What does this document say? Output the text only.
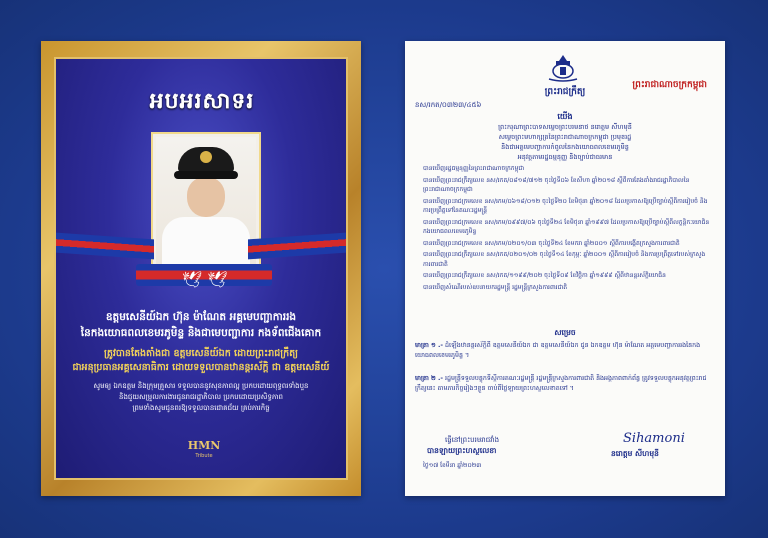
អបអរសាទរ
🕊 🕊
ឧត្តមសេនីយ៍ឯក ហ៊ុន ម៉ាណែត អគ្គមេបញ្ជាការរង
នៃកងយោធពលខេមរភូមិន្ទ និងជាមេបញ្ជាការ កងទ័ពជើងគោក
ត្រូវបានតែងតាំងជា ឧត្តមសេនីយ៍ឯក ដោយព្រះរាជក្រឹត្យ
ជាអនុប្រធានអគ្គសេនាធិការ ដោយទទួលបានឋានន្តរស័ក្តិ ជា ឧត្តមសេនីយ៍
សូមឲ្យ ឯកឧត្តម និងក្រុមគ្រួសារ ទទួលបាននូវសុខភាពល្អ ប្រកបដោយពុទ្ធពរទាំងបួន
និងជួយសម្រួលការងារជូនរាជរដ្ឋាភិបាល ប្រកបដោយប្រសិទ្ធភាព
ព្រមទាំងសូមជូនពរឱ្យទទួលបានជោគជ័យ គ្រប់ភារកិច្ច
HMN
Tribute
ព្រះរាជាណាចក្រកម្ពុជា
ព្រះរាជក្រឹត្យ
នស/រកត/០៣២៣/៤៥៦
យើង
ព្រះករុណាព្រះបាទសម្តេចព្រះបរមនាថ នរោត្តម សីហមុនី
សម្តេចព្រះមហាក្សត្រនៃព្រះរាជាណាចក្រកម្ពុជា ប្រមុខរដ្ឋ
និងជាអគ្គមេបញ្ជាការកំពូលនៃកងយោធពលខេមរភូមិន្ទ
អនុវត្តតាមរដ្ឋធម្មនុញ្ញ និងច្បាប់ជាធរមាន
បានឃើញរដ្ឋធម្មនុញ្ញនៃព្រះរាជាណាចក្រកម្ពុជា
បានឃើញព្រះរាជក្រឹត្យលេខ នស/រកត/០៨១៨/៧១២ ចុះថ្ងៃទី០៦ ខែសីហា ឆ្នាំ២០១៨ ស្តីពីការតែងតាំងរាជរដ្ឋាភិបាលនៃព្រះរាជាណាចក្រកម្ពុជា
បានឃើញព្រះរាជក្រមលេខ នស/រកម/០៦១៨/០១២ ចុះថ្ងៃទី២០ ខែមិថុនា ឆ្នាំ២០១៨ ដែលប្រកាសឱ្យប្រើច្បាប់ស្តីពីការរៀបចំ និងការប្រព្រឹត្តទៅនៃគណៈរដ្ឋមន្ត្រី
បានឃើញព្រះរាជក្រមលេខ នស/រកម/០៩៩៧/០៦ ចុះថ្ងៃទី២៤ ខែមិថុនា ឆ្នាំ១៩៩៧ ដែលប្រកាសឱ្យប្រើច្បាប់ស្តីពីលក្ខន្តិកៈយោធិនកងយោធពលខេមរភូមិន្ទ
បានឃើញព្រះរាជក្រមលេខ នស/រកម/០២០១/០៣ ចុះថ្ងៃទី២៤ ខែមករា ឆ្នាំ២០០១ ស្តីពីការបង្កើតក្រសួងការពារជាតិ
បានឃើញព្រះរាជក្រឹត្យលេខ នស/រកត/០២០១/០២ ចុះថ្ងៃទី១៤ ខែកុម្ភៈ ឆ្នាំ២០០១ ស្តីពីការរៀបចំ និងការប្រព្រឹត្តទៅរបស់ក្រសួងការពារជាតិ
បានឃើញព្រះរាជក្រឹត្យលេខ នស/រកត/១១៩៩/២០២ ចុះថ្ងៃទី០៩ ខែវិច្ឆិកា ឆ្នាំ១៩៩៩ ស្តីពីឋានន្តរស័ក្តិយោធិន
បានឃើញសំណើរបស់ឧបនាយករដ្ឋមន្ត្រី រដ្ឋមន្ត្រីក្រសួងការពារជាតិ
សម្រេច
មាត្រា ១ .- ដំឡើងឋានន្តរស័ក្តិពី ឧត្តមសេនីយ៍ឯក ជា ឧត្តមសេនីយ៍ឯក ជូន ឯកឧត្តម ហ៊ុន ម៉ាណែត អគ្គមេបញ្ជាការរងនៃកងយោធពលខេមរភូមិន្ទ ។
មាត្រា ២ .- រដ្ឋមន្ត្រីទទួលបន្ទុកទីស្តីការគណៈរដ្ឋមន្ត្រី រដ្ឋមន្ត្រីក្រសួងការពារជាតិ និងអង្គភាពពាក់ព័ន្ធ ត្រូវទទួលបន្ទុកអនុវត្តព្រះរាជក្រឹត្យនេះ តាមភារកិច្ចរៀងៗខ្លួន ចាប់ពីថ្ងៃឡាយព្រះហស្ថលេខាតទៅ ។
ធ្វើនៅព្រះបរមរាជវាំង
បានឡាយព្រះហស្ថលេខា
ថ្ងៃ១៧ ខែមីនា ឆ្នាំ២០២៣
Sihamoni
នរោត្តម សីហមុនី
